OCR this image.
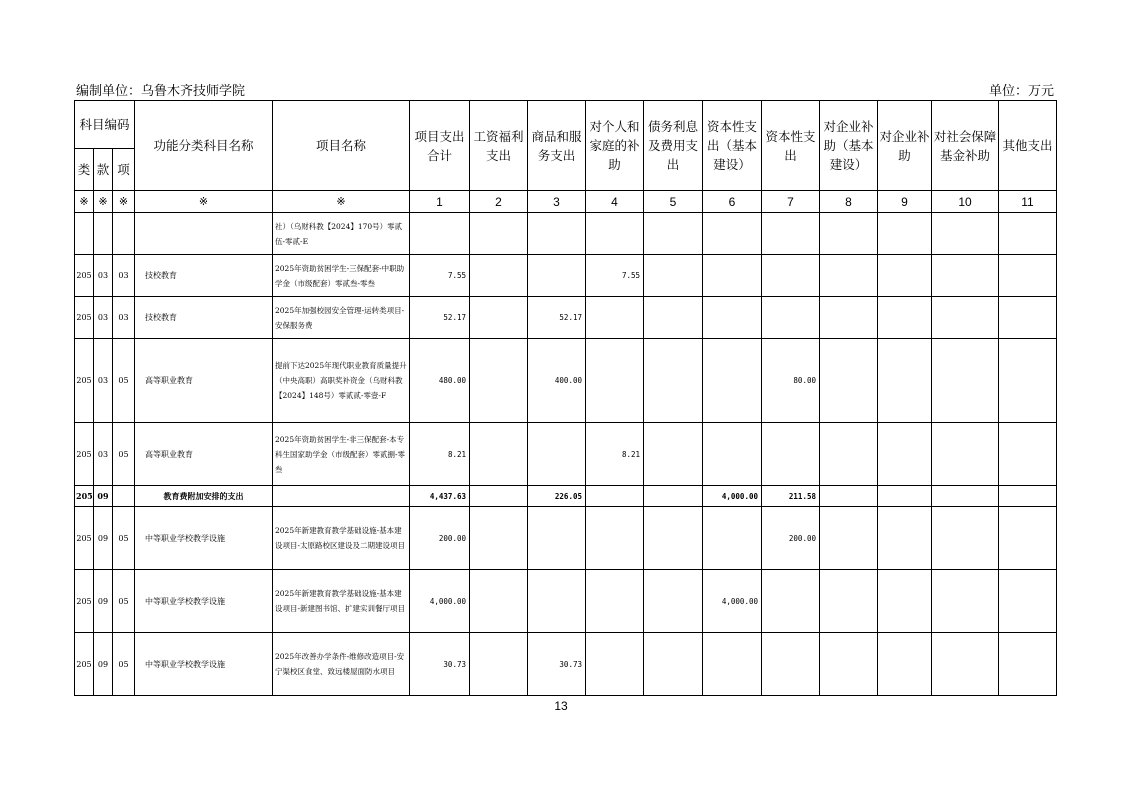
编制单位：乌鲁木齐技师学院	单位：万元
科目编码			功能分类科目名称	项目名称	项目支出合计	工资福利支出	商品和服务支出	对个人和家庭的补助	债务利息及费用支出	资本性支出（基本建设）	资本性支出	对企业补助（基本建设）	对企业补助	对社会保障基金补助	其他支出
类	款	项													
※	※	※	※	※	1	2	3	4	5	6	7	8	9	10	11
				社）（乌财科教【2024】170号）零贰伍-零贰-E											
205	03	03	技校教育	2025年资助贫困学生-三保配套-中职助学金（市级配套）零贰叁-零叁	7.55			7.55							
205	03	03	技校教育	2025年加强校园安全管理-运转类项目-安保服务费	52.17		52.17								
205	03	05	高等职业教育	提前下达2025年现代职业教育质量提升（中央高职）高职奖补资金（乌财科教【2024】148号）零贰贰-零壹-F	480.00		400.00				80.00				
205	03	05	高等职业教育	2025年资助贫困学生-非三保配套-本专科生国家助学金（市级配套）零贰捌-零叁	8.21			8.21							
205	09		教育费附加安排的支出		4,437.63		226.05			4,000.00	211.58				
205	09	05	中等职业学校教学设施	2025年新建教育教学基础设施-基本建设项目-太原路校区建设及二期建设项目	200.00						200.00				
205	09	05	中等职业学校教学设施	2025年新建教育教学基础设施-基本建设项目-新建图书馆、扩建实训餐厅项目	4,000.00					4,000.00					
205	09	05	中等职业学校教学设施	2025年改善办学条件-维修改造项目-安宁渠校区食堂、致远楼屋面防水项目	30.73		30.73								
13
